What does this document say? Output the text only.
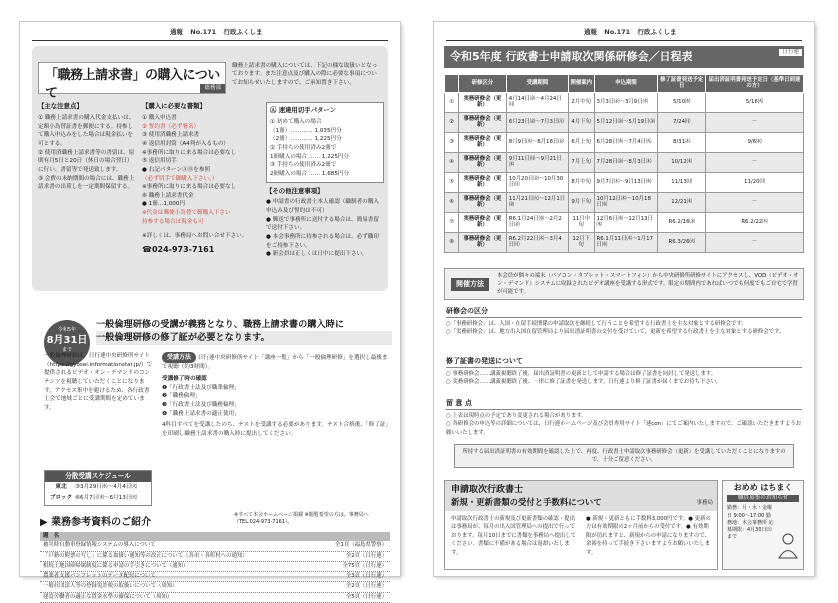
通報 No.171 行政ふくしま
「職務上請求書」の購入について	総務部
職務上請求書の購入については、下記の様な取扱いとなっております。また注意点及び購入の際に必要な事項についてお知らせいたしますので、ご承知置き下さい。
【主な注意点】
① 職務上請求書の購入代金支払いは、定額小為替証書を郵便にする。持参して購入申込みをした場合は現金払いを可とする。
② 使用済職務上請求書等の書留は、原則有月5日と20日（休日の場合翌日）に行い、書留等で発送致します。
③ 会費の未納期間の場合には、職務上請求書の出荷しを一定期間保留する。
【購入に必要な書類】
① 購入申込書
② 誓約書（必ず署名）
③ 使用済職務上請求書
④ 返信用封筒（A4判が入るもの）
※事務所に取りに来る場合は必要なし
⑤ 返信用切手
● 右記パターンⒶⒷを参照
（必ず切手で御購入下さい。）
※事務所に取りに来る場合は必要なし
⑥ 職務上請求書代金
● 1冊…1,000円
※代金は郵便小為替で御購入下さい
持参する場合は現金も可
※詳しくは、事務局へお問い合せ下さい。
☎024-973-7161
Ⓐ 速達用切手パターン
① 初めて購入の場合
（1冊）………… 1,035円分
（2冊）………… 1,225円分
② 手持ちの使用済み2冊で
1冊購入の場合 …… 1,225円分
③ 手持ちの使用済み2冊で
2冊購入の場合 …… 1,685円分
【その他注意事項】
● 申請書の行政書士本人確認（職制者の購入申込み及び誓約は不可）
● 郵送で事務所に送付する場合は、簡易書留で送付下さい。
● 本会事務所に持参される場合は、必ず職印をご持参下さい。
● 新会員は正しくは日中に提出下さい。
令和5年
8月31日
まで
一般倫理研修の受講が義務となり、職務上請求書の購入時に
一般倫理研修の修了証が必要となります。
一般倫理研修は、日行連中央研修所サイト（https://gyosei.informationstar.jp/）で提供されるビデオ・オン・デマンドのコンテンツを視聴していただくことになります。アクセス集中を避けるため、各行政書士会で地域ごとに受講期間を定めています。
受講方法 日行連中央研修所サイト「講座一覧」から「一般倫理研修」を選択し最後まで視聴（約3時間）。
受講修了時の確認
❶「行政書士法及び職業倫理」
❷「職務倫理」
❸「行政書士法及び職務倫理」
❹「職務上請求書の適正使用」
4科目すべてを受講したのち、テストを受講する必要があります。テスト合格後、「修了証」を印刷し職務上請求書の購入時に提出してください。
分散受講スケジュール
東北	③3月29日㈬～4月4日㈫
ブロック ⑥6月7日㈬～6月13日㈫
▶ 業務参考資料のご紹介
※すべて本会ホームページ掲載 ※閲覧希望の方は、事務局へ（TEL.024-973-7161）。
題　名
被災時自動車登録情報システムの導入について	全1頁（福島県警察）
「戸籍の附票の写し」に係る取扱い通知等の改正について（各市・各町村への通知）	全2頁（日行連）
相続土地国庫帰属制度に係る申請の手引きについて（通知）	全75頁（日行連）
農業者支援パンフレットのデータ配付について	全3頁（日行連）
一般社団法人等の登録免許税の取扱いについて（周知）	全2頁（日行連）
建設労働者の適正な賃金水準の確保について（周知）	全5頁（日行連）
通報 No.171 行政ふくしま
令和5年度 行政書士申請取次関係研修会／日程表	日行連
	研修区分	受講期間	開催案内	申込期間	修了証書発送予定日	届出済証明書発送予定日（基準日到達の方）
①	実務研修会（更新）	4月14日㈮～4月24日㈪	2月中旬	3月3日㈮～3月9日㈭	5/10㈬	5/16㈫
②	事務研修会（更新）	6月23日㈮～7月3日㈪	4月下旬	5月12日㈮～5月19日㈮	7/24㈪	－
③	実務研修会（更新）	8月9日㈬～8月18日㈮	6月上旬	6月28日㈬～7月4日㈫	8/31㈭	9/6㈬
④	事務研修会（更新）	9月11日㈪～9月21日㈭	7月上旬	7月28日㈮～8月3日㈭	10/12㈭	－
⑤	実務研修会（更新）	10月20日㈮～10月30日㈪	8月中旬	9月7日㈭～9月13日㈬	11/13㈪	11/20㈪
⑥	事務研修会（更新）	11月21日㈫～12月1日㈮	9月下旬	10月12日㈭～10月18日㈬	12/21㈭	－
⑦	実務研修会（更新）	R6.1月24日㈬～2月2日㈮	11月中旬	12月6日㈬～12月13日㈬	R6.2/16㈮	R6.2/22㈭
⑧	事務研修会（更新）	R6.2月22日㈭～3月4日㈪	12月下旬	R6.1月11日㈭～1月17日㈬	R6.3/26㈫	－
開催方法
本会員が個々の端末（パソコン・タブレット・スマートフォン）から中央研修所研修サイトにアクセスし、VOD（ビデオ・オン・デマンド）システムに収録されたビデオ講座を受講する形式です。限定の期間内であればいつでも何度でもご自宅で学習が可能です。
研修会の区分
○「事務研修会」は、入国・在留手続関係の申請取次を継続して行うことを希望する行政書士を主な対象とする研修会です。
○「実務研修会」は、地方出入国在留管理局より届出済証明書の交付を受けていて、更新を希望する行政書士を主な対象とする研修会です。
修了証書の発送について
○ 事務研修会……講義視聴終了後、届出済証明書の更新として申請する場合は修了証書を同封して発送します。
○ 実務研修会……講義視聴終了後、一律に修了証書を発送します。日行連より修了証書が届くまでお待ち下さい。
留 意 点
○ 上表は現時点の予定であり変更される場合があります。
○ 各研修会の申込等の詳細については、日行連ホームページ及び会員専用サイト「連con」にてご案内いたしますので、ご確認いただきますようお願いいたします。
所持する届出済証明書の有効期間を確認した上で、再度、行政書士申請取次事務研修会（更新）を受講していただくことになりますので、十分ご留意ください。
申請取次行政書士
新規・更新書類の受付と手数料について	事務局
申請取次行政書士の新規及び更新書類の確認・提出は事務局が、毎月の出入国管理局への提出で行っております。毎月10日までに書類を事務局へ提出してください。書類に不備がある場合は返却いたします。
● 新規・更新ともに手数料3,000円です。● 更新の方は有効期限の2ヶ月前からの受付です。● 有効期限が切れますと、新規からの申請になりますので、余裕を持って手続き下さいますようお願いいたします。
おめめ はちまく
職員募集のお知らせ
勤務：月・水・金曜日 9:00～17:00 勤務地：本会事務所 応募期限：4月30日㈰まで
